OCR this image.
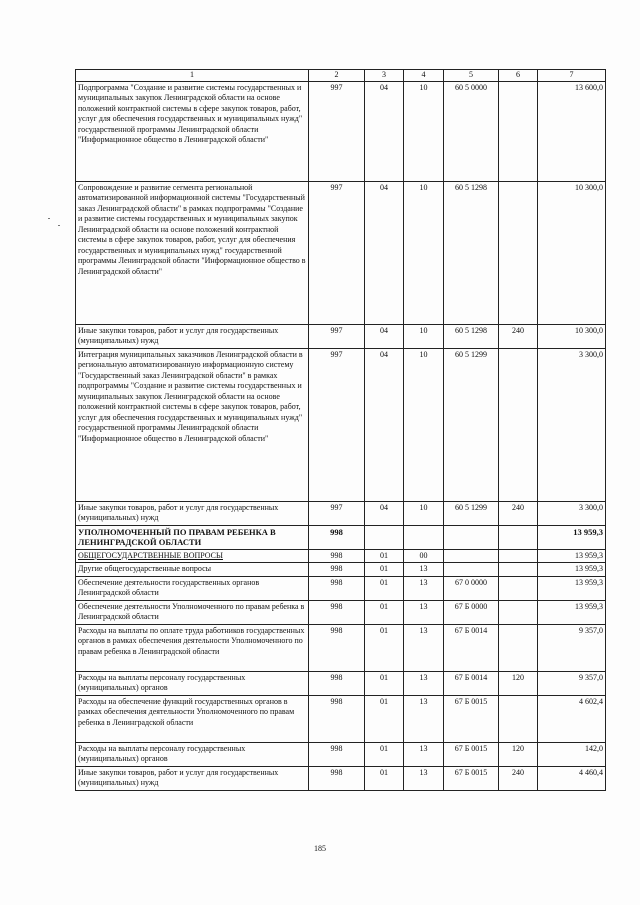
1	2	3	4	5	6	7
Подпрограмма "Создание и развитие системы государственных и муниципальных закупок Ленинградской области на основе положений контрактной системы в сфере закупок товаров, работ, услуг для обеспечения государственных и муниципальных нужд" государственной программы Ленинградской области "Информационное общество в Ленинградской области"	997	04	10	60 5 0000		13 600,0
Сопровождение и развитие сегмента региональной автоматизированной информационной системы "Государственный заказ Ленинградской области" в рамках подпрограммы "Создание и развитие системы государственных и муниципальных закупок Ленинградской области на основе положений контрактной системы в сфере закупок товаров, работ, услуг для обеспечения государственных и муниципальных нужд" государственной программы Ленинградской области "Информационное общество в Ленинградской области"	997	04	10	60 5 1298		10 300,0
Иные закупки товаров, работ и услуг для государственных (муниципальных) нужд	997	04	10	60 5 1298	240	10 300,0
Интеграция муниципальных заказчиков Ленинградской области в региональную автоматизированную информационную систему "Государственный заказ Ленинградской области" в рамках подпрограммы "Создание и развитие системы государственных и муниципальных закупок Ленинградской области на основе положений контрактной системы в сфере закупок товаров, работ, услуг для обеспечения государственных и муниципальных нужд" государственной программы Ленинградской области "Информационное общество в Ленинградской области"	997	04	10	60 5 1299		3 300,0
Иные закупки товаров, работ и услуг для государственных (муниципальных) нужд	997	04	10	60 5 1299	240	3 300,0
УПОЛНОМОЧЕННЫЙ ПО ПРАВАМ РЕБЕНКА В ЛЕНИНГРАДСКОЙ ОБЛАСТИ	998					13 959,3
ОБЩЕГОСУДАРСТВЕННЫЕ ВОПРОСЫ	998	01	00			13 959,3
Другие общегосударственные вопросы	998	01	13			13 959,3
Обеспечение деятельности государственных органов Ленинградской области	998	01	13	67 0 0000		13 959,3
Обеспечение деятельности Уполномоченного по правам ребенка в Ленинградской области	998	01	13	67 Б 0000		13 959,3
Расходы на выплаты по оплате труда работников государственных органов в рамках обеспечения деятельности Уполномоченного по правам ребенка в Ленинградской области	998	01	13	67 Б 0014		9 357,0
Расходы на выплаты персоналу государственных (муниципальных) органов	998	01	13	67 Б 0014	120	9 357,0
Расходы на обеспечение функций государственных органов в рамках обеспечения деятельности Уполномоченного по правам ребенка в Ленинградской области	998	01	13	67 Б 0015		4 602,4
Расходы на выплаты персоналу государственных (муниципальных) органов	998	01	13	67 Б 0015	120	142,0
Иные закупки товаров, работ и услуг для государственных (муниципальных) нужд	998	01	13	67 Б 0015	240	4 460,4
185
